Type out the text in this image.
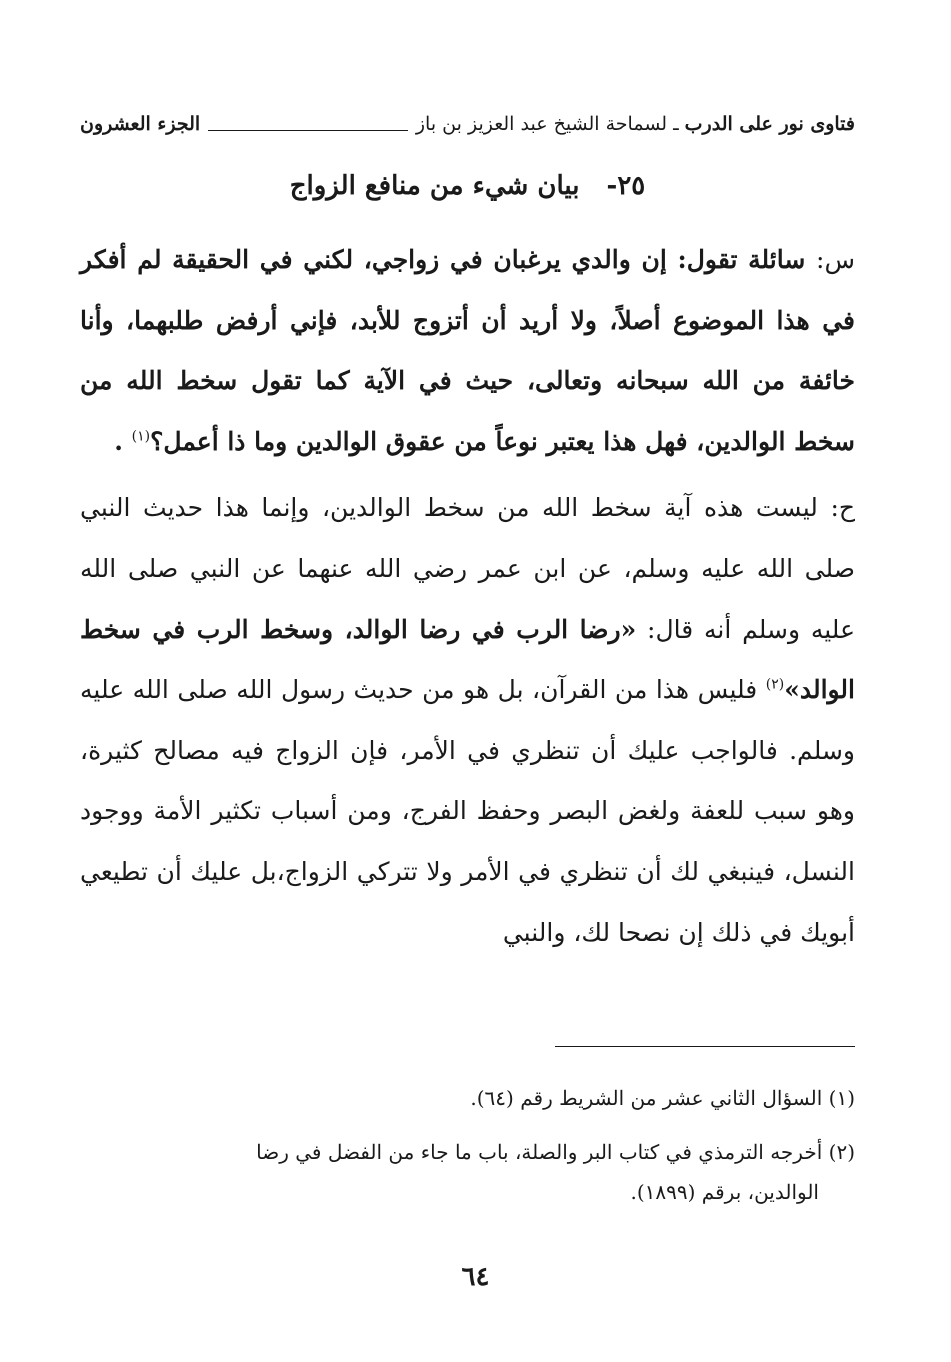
فتاوى نور على الدرب
ـ
لسماحة الشيخ عبد العزيز بن باز
الجزء العشرون
٢٥- بيان شيء من منافع الزواج

س: سائلة تقول: إن والدي يرغبان في زواجي، لكني في الحقيقة لم أفكر في هذا الموضوع أصلاً، ولا أريد أن أتزوج للأبد، فإني أرفض طلبهما، وأنا خائفة من الله سبحانه وتعالى، حيث في الآية كما تقول سخط الله من سخط الوالدين، فهل هذا يعتبر نوعاً من عقوق الوالدين وما ذا أعمل؟$^{(١)}$ .

ح: ليست هذه آية سخط الله من سخط الوالدين، وإنما هذا حديث النبي صلى الله عليه وسلم، عن ابن عمر رضي الله عنهما عن النبي صلى الله عليه وسلم أنه قال: «رضا الرب في رضا الوالد، وسخط الرب في سخط الوالد»$^{(٢)}$ فليس هذا من القرآن، بل هو من حديث رسول الله صلى الله عليه وسلم. فالواجب عليك أن تنظري في الأمر، فإن الزواج فيه مصالح كثيرة، وهو سبب للعفة ولغض البصر وحفظ الفرج، ومن أسباب تكثير الأمة ووجود النسل، فينبغي لك أن تنظري في الأمر ولا تتركي الزواج،بل عليك أن تطيعي أبويك في ذلك إن نصحا لك، والنبي

(١) السؤال الثاني عشر من الشريط رقم (٦٤).
(٢) أخرجه الترمذي في كتاب البر والصلة، باب ما جاء من الفضل في رضا
الوالدين، برقم (١٨٩٩).
٦٤
